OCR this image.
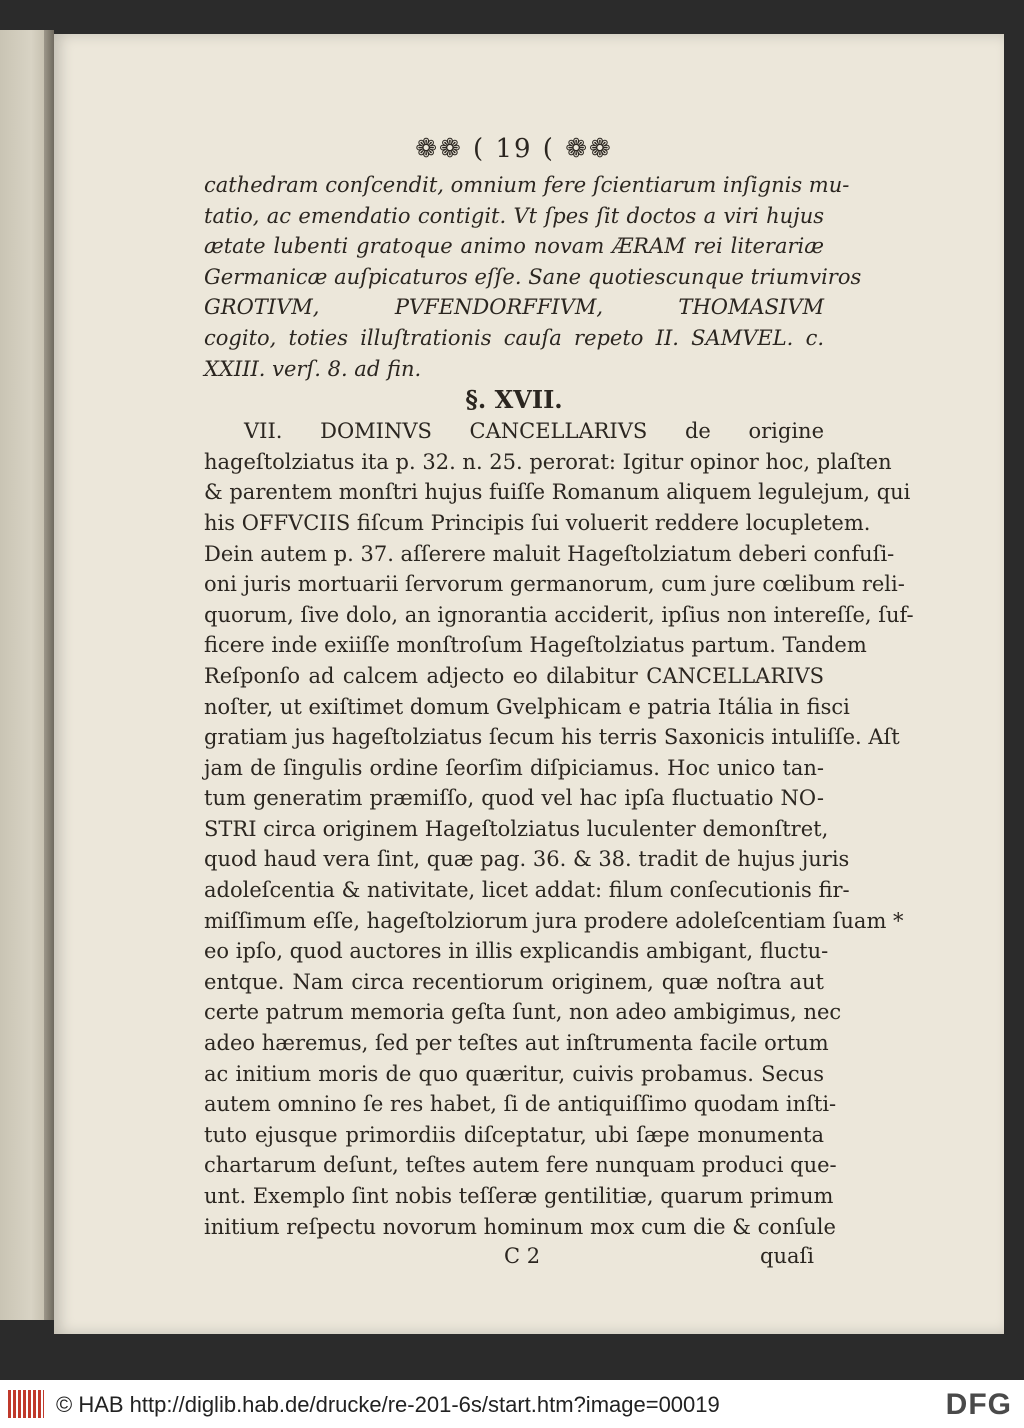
❁❁ ( 19 ( ❁❁
cathedram conſcendit, omnium fere ſcientiarum inſignis mu-
tatio, ac emendatio contigit. Vt ſpes ſit doctos a viri hujus
ætate lubenti gratoque animo novam ÆRAM rei literariæ
Germanicæ auſpicaturos eſſe. Sane quotiescunque triumviros
GROTIVM, PVFENDORFFIVM, THOMASIVM
cogito, toties illuſtrationis cauſa repeto II. SAMVEL. c.
XXIII. verſ. 8. ad fin.
§. XVII.
VII. DOMINVS CANCELLARIVS de origine
hageſtolziatus ita p. 32. n. 25. perorat: Igitur opinor hoc, plaſten
& parentem monſtri hujus fuiſſe Romanum aliquem legulejum, qui
his OFFVCIIS fiſcum Principis ſui voluerit reddere locupletem.
Dein autem p. 37. aſſerere maluit Hageſtolziatum deberi confuſi-
oni juris mortuarii ſervorum germanorum, cum jure cœlibum reli-
quorum, ſive dolo, an ignorantia acciderit, ipſius non intereſſe, ſuf-
ficere inde exiiſſe monſtroſum Hageſtolziatus partum. Tandem
Reſponſo ad calcem adjecto eo dilabitur CANCELLARIVS
noſter, ut exiſtimet domum Gvelphicam e patria Itália in fisci
gratiam jus hageſtolziatus ſecum his terris Saxonicis intuliſſe. Aſt
jam de ſingulis ordine ſeorſim diſpiciamus. Hoc unico tan-
tum generatim præmiſſo, quod vel hac ipſa fluctuatio NO-
STRI circa originem Hageſtolziatus luculenter demonſtret,
quod haud vera ſint, quæ pag. 36. & 38. tradit de hujus juris
adoleſcentia & nativitate, licet addat: filum conſecutionis fir-
miſſimum eſſe, hageſtolziorum jura prodere adoleſcentiam ſuam *
eo ipſo, quod auctores in illis explicandis ambigant, fluctu-
entque. Nam circa recentiorum originem, quæ noſtra aut
certe patrum memoria geſta ſunt, non adeo ambigimus, nec
adeo hæremus, ſed per teſtes aut inſtrumenta facile ortum
ac initium moris de quo quæritur, cuivis probamus. Secus
autem omnino ſe res habet, ſi de antiquiſſimo quodam inſti-
tuto ejusque primordiis diſceptatur, ubi ſæpe monumenta
chartarum deſunt, teſtes autem fere nunquam produci que-
unt. Exemplo ſint nobis teſſeræ gentilitiæ, quarum primum
initium reſpectu novorum hominum mox cum die & conſule
C 2	quaſi
© HAB http://diglib.hab.de/drucke/re-201-6s/start.htm?image=00019	DFG
